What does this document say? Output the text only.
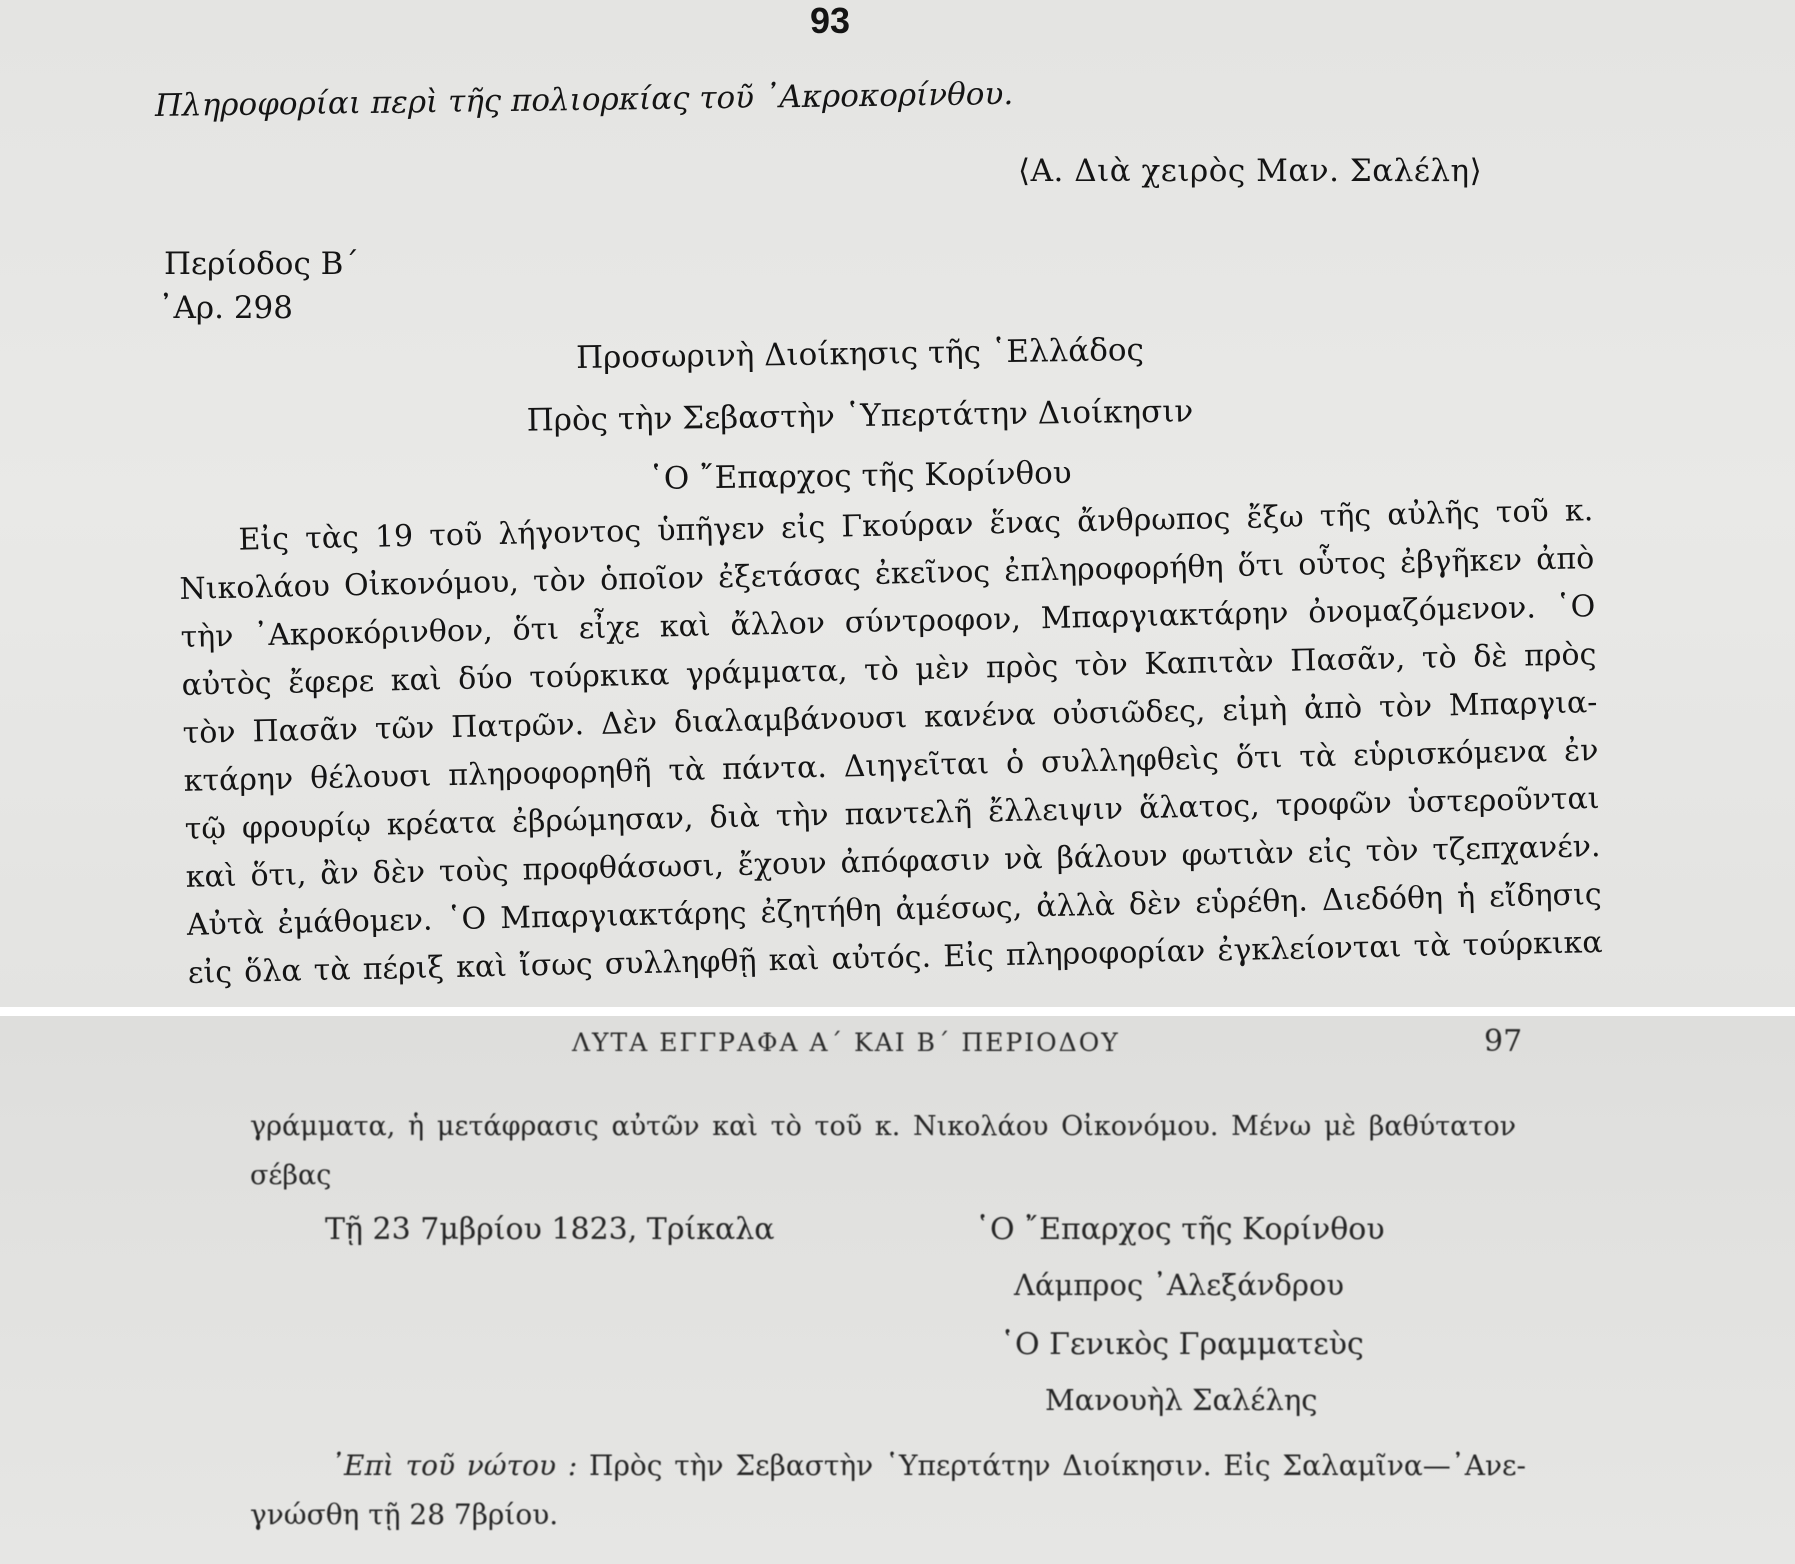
93
Πληροφορίαι περὶ τῆς πολιορκίας τοῦ ᾿Ακροκορίνθου.
⟨Α. Διὰ χειρὸς Μαν. Σαλέλη⟩
Περίοδος Β΄
᾿Αρ. 298
Προσωρινὴ Διοίκησις τῆς ῾Ελλάδος
Πρὸς τὴν Σεβαστὴν ῾Υπερτάτην Διοίκησιν
῾Ο ῎Επαρχος τῆς Κορίνθου
Εἰς τὰς 19 τοῦ λήγοντος ὑπῆγεν εἰς Γκούραν ἕνας ἄνθρωπος ἔξω τῆς αὐλῆς τοῦ κ.
Νικολάου Οἰκονόμου, τὸν ὁποῖον ἐξετάσας ἐκεῖνος ἐπληροφορήθη ὅτι οὗτος ἐβγῆκεν ἀπὸ
τὴν ᾿Ακροκόρινθον, ὅτι εἶχε καὶ ἄλλον σύντροφον, Μπαργιακτάρην ὀνομαζόμενον. ῾Ο
αὐτὸς ἔφερε καὶ δύο τούρκικα γράμματα, τὸ μὲν πρὸς τὸν Καπιτὰν Πασᾶν, τὸ δὲ πρὸς
τὸν Πασᾶν τῶν Πατρῶν. Δὲν διαλαμβάνουσι κανένα οὐσιῶδες, εἰμὴ ἀπὸ τὸν Μπαργια-
κτάρην θέλουσι πληροφορηθῆ τὰ πάντα. Διηγεῖται ὁ συλληφθεὶς ὅτι τὰ εὑρισκόμενα ἐν
τῷ φρουρίῳ κρέατα ἐβρώμησαν, διὰ τὴν παντελῆ ἔλλειψιν ἅλατος, τροφῶν ὑστεροῦνται
καὶ ὅτι, ἂν δὲν τοὺς προφθάσωσι, ἔχουν ἀπόφασιν νὰ βάλουν φωτιὰν εἰς τὸν τζεπχανέν.
Αὐτὰ ἐμάθομεν. ῾Ο Μπαργιακτάρης ἐζητήθη ἀμέσως, ἀλλὰ δὲν εὑρέθη. Διεδόθη ἡ εἴδησις
εἰς ὅλα τὰ πέριξ καὶ ἴσως συλληφθῇ καὶ αὐτός. Εἰς πληροφορίαν ἐγκλείονται τὰ τούρκικα
ΛΥΤΑ ΕΓΓΡΑΦΑ Α΄ ΚΑΙ Β΄ ΠΕΡΙΟΔΟΥ	97
γράμματα, ἡ μετάφρασις αὐτῶν καὶ τὸ τοῦ κ. Νικολάου Οἰκονόμου. Μένω μὲ βαθύτατον
σέβας
Τῇ 23 7μβρίου 1823, Τρίκαλα	῾Ο ῎Επαρχος τῆς Κορίνθου
Λάμπρος ᾿Αλεξάνδρου
῾Ο Γενικὸς Γραμματεὺς
Μανουὴλ Σαλέλης
᾿Επὶ τοῦ νώτου : Πρὸς τὴν Σεβαστὴν ῾Υπερτάτην Διοίκησιν. Εἰς Σαλαμῖνα—᾿Ανε-
γνώσθη τῇ 28 7βρίου.
